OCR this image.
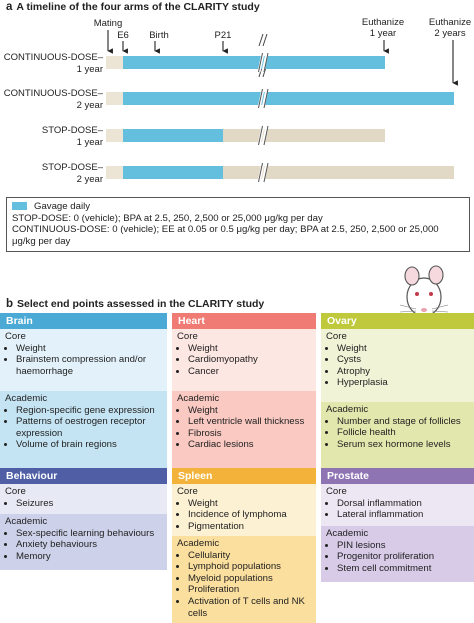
a A timeline of the four arms of the CLARITY study
Mating
E6	Birth	P21
Euthanize
1 year
Euthanize
2 years
CONTINUOUS-DOSE–
1 year
CONTINUOUS-DOSE–
2 year
STOP-DOSE–
1 year
STOP-DOSE–
2 year
Gavage daily
STOP-DOSE: 0 (vehicle); BPA at 2.5, 250, 2,500 or 25,000 μg/kg per day
CONTINUOUS-DOSE: 0 (vehicle); EE at 0.05 or 0.5 μg/kg per day; BPA at 2.5, 250, 2,500 or 25,000 μg/kg per day
b Select end points assessed in the CLARITY study
Brain
Core
• Weight
• Brainstem compression and/or haemorrhage
Academic
• Region-specific gene expression
• Patterns of oestrogen receptor expression
• Volume of brain regions
Heart
Core
• Weight
• Cardiomyopathy
• Cancer
Academic
• Weight
• Left ventricle wall thickness
• Fibrosis
• Cardiac lesions
Ovary
Core
• Weight
• Cysts
• Atrophy
• Hyperplasia
Academic
• Number and stage of follicles
• Follicle health
• Serum sex hormone levels
Behaviour
Core
• Seizures
Academic
• Sex-specific learning behaviours
• Anxiety behaviours
• Memory
Spleen
Core
• Weight
• Incidence of lymphoma
• Pigmentation
Academic
• Cellularity
• Lymphoid populations
• Myeloid populations
• Proliferation
• Activation of T cells and NK cells
Prostate
Core
• Dorsal inflammation
• Lateral inflammation
Academic
• PIN lesions
• Progenitor proliferation
• Stem cell commitment
